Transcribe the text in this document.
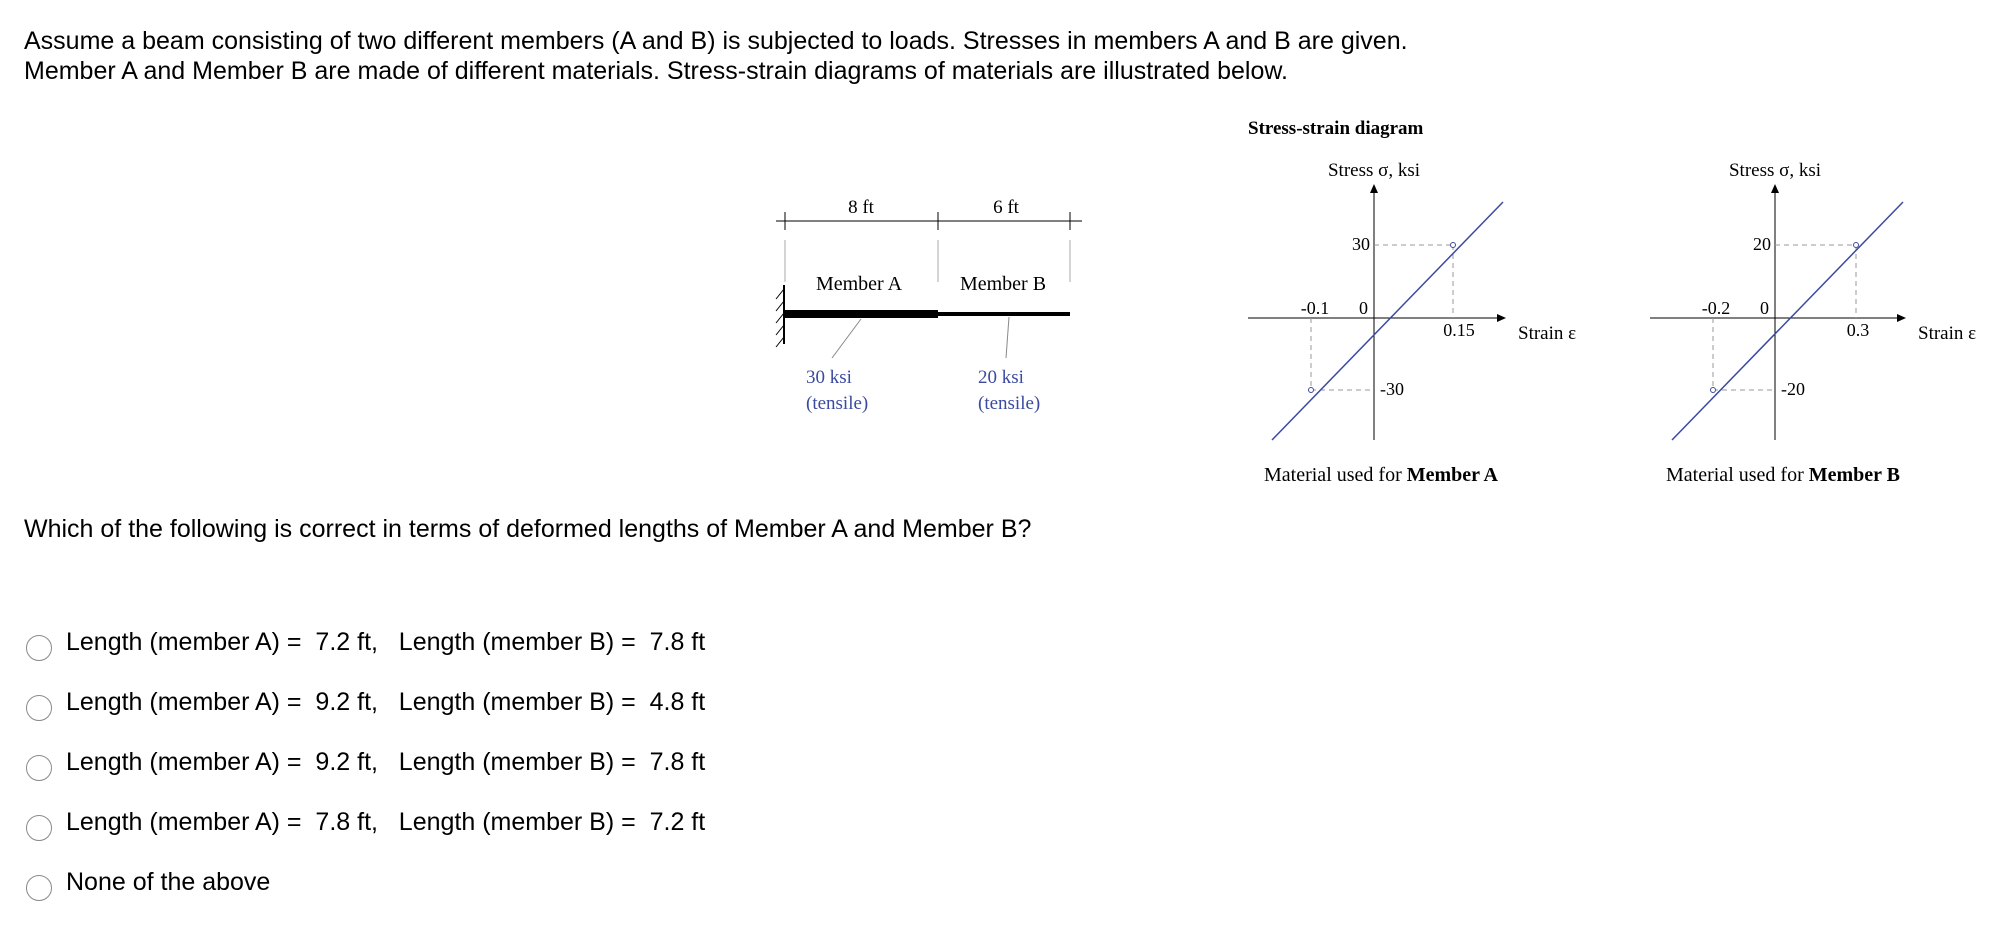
Assume a beam consisting of two different members (A and B) is subjected to loads. Stresses in members A and B are given.
Member A and Member B are made of different materials. Stress-strain diagrams of materials are illustrated below.
8 ft	6 ft
Member A	Member B
30 ksi
(tensile)
20 ksi
(tensile)
Stress-strain diagram
Stress σ, ksi
Strain ε
30
-30
-0.1 0
0.15
Material used for Member A
Stress σ, ksi
Strain ε
20
-20
-0.2 0
0.3
Material used for Member B
Which of the following is correct in terms of deformed lengths of Member A and Member B?
Length (member A) =  7.2 ft,   Length (member B) =  7.8 ft
Length (member A) =  9.2 ft,   Length (member B) =  4.8 ft
Length (member A) =  9.2 ft,   Length (member B) =  7.8 ft
Length (member A) =  7.8 ft,   Length (member B) =  7.2 ft
None of the above
